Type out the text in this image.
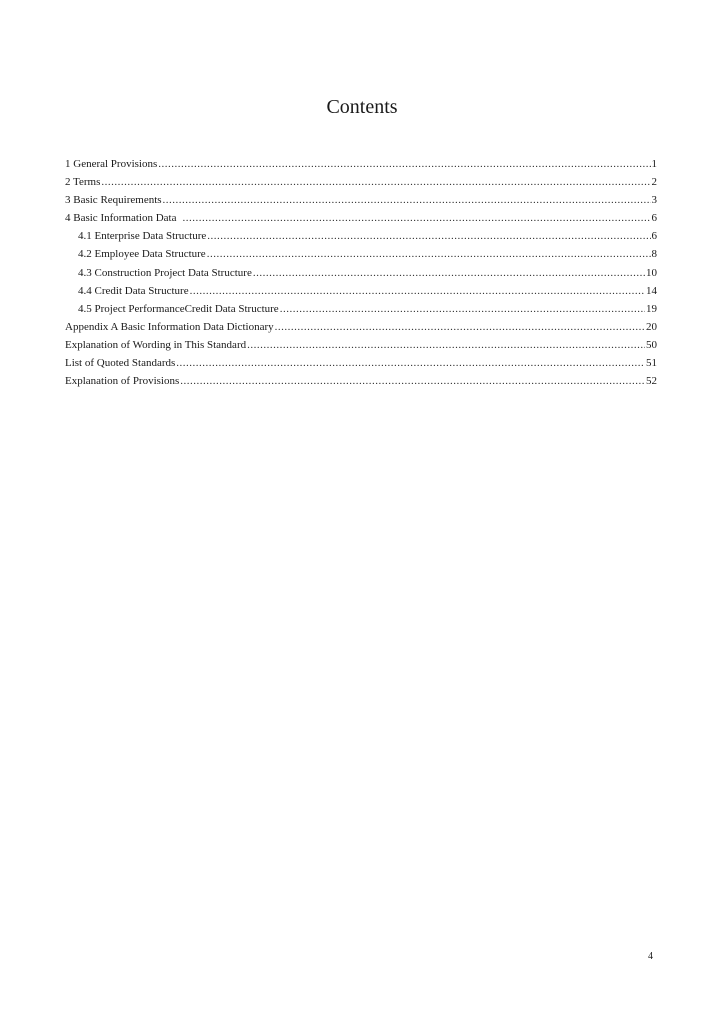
Contents
1 General Provisions .....	1
2 Terms .....	2
3 Basic Requirements .....	3
4 Basic Information Data .....	6
4.1 Enterprise Data Structure .....	6
4.2 Employee Data Structure .....	8
4.3 Construction Project Data Structure .....	10
4.4 Credit Data Structure .....	14
4.5 Project PerformanceCredit Data Structure .....	19
Appendix A Basic Information Data Dictionary .....	20
Explanation of Wording in This Standard .....	50
List of Quoted Standards .....	51
Explanation of Provisions .....	52
4
